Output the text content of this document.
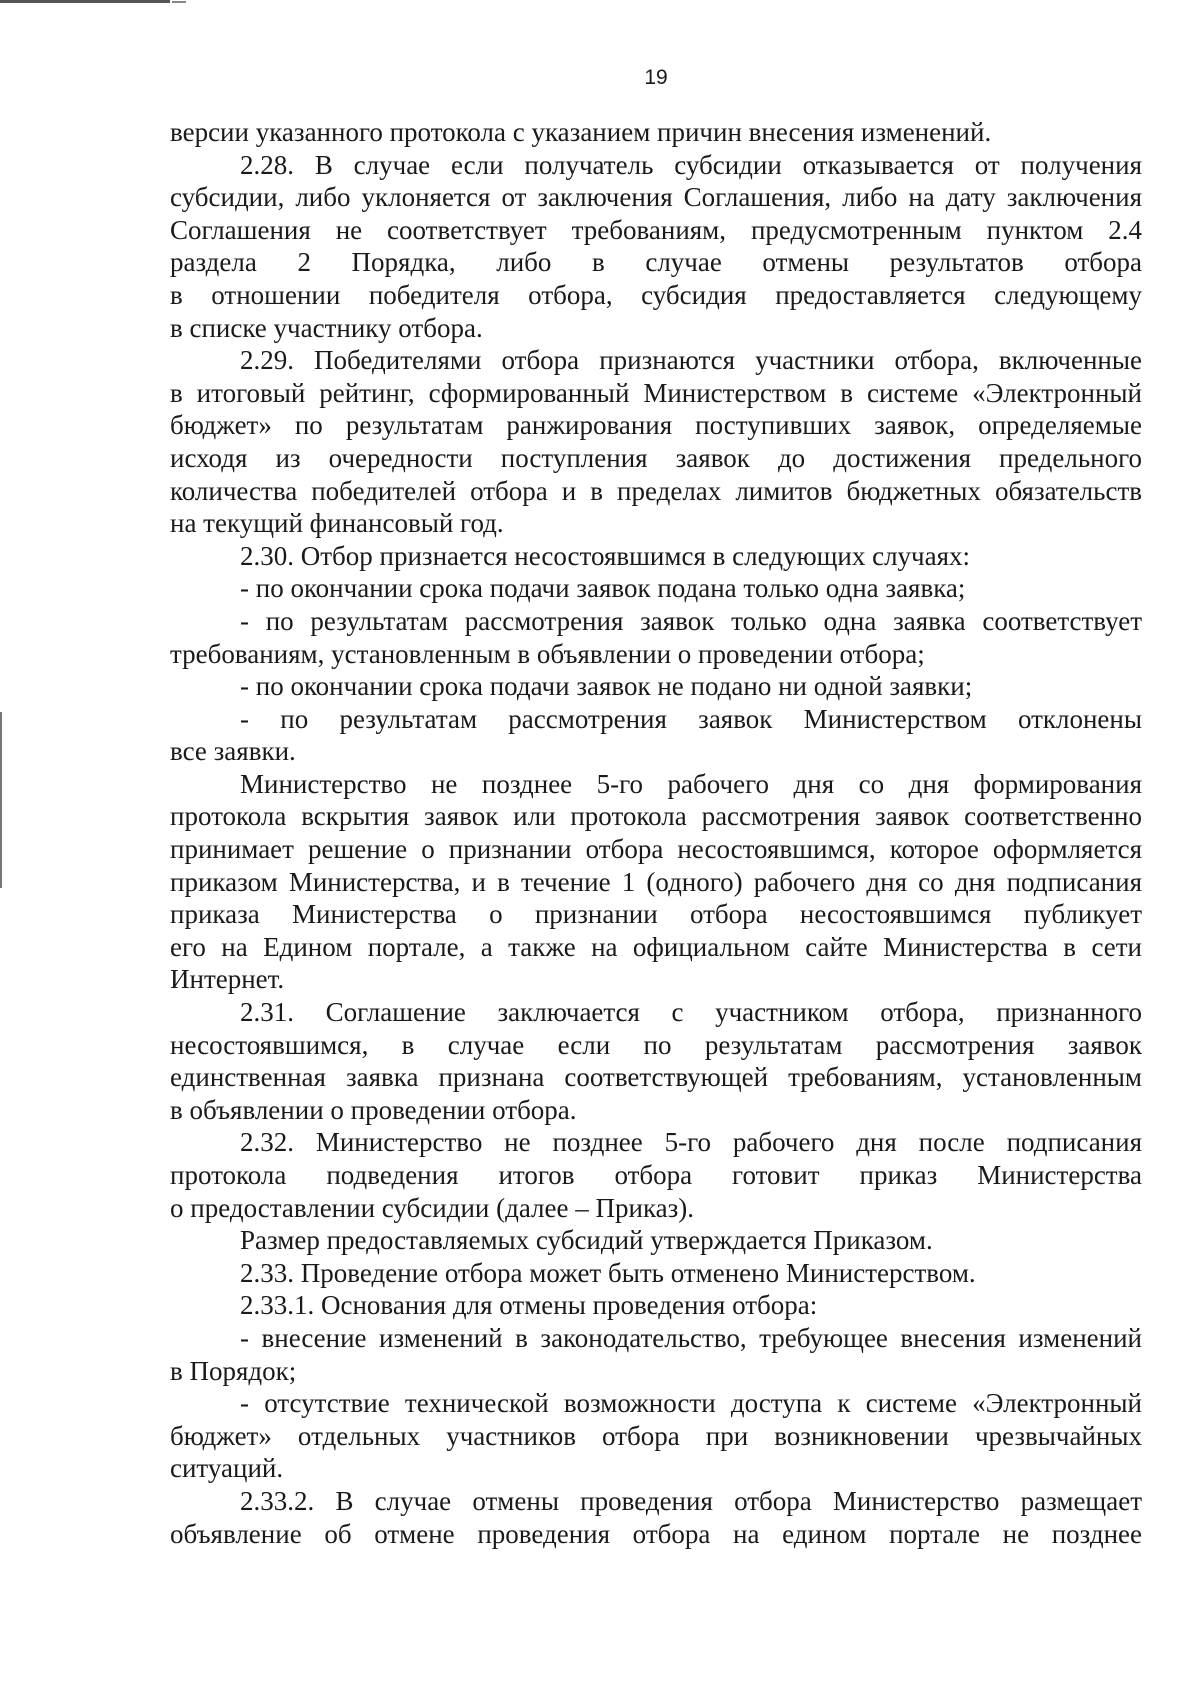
19
версии указанного протокола с указанием причин внесения изменений.
2.28. В случае если получатель субсидии отказывается от получения
субсидии, либо уклоняется от заключения Соглашения, либо на дату заключения
Соглашения не соответствует требованиям, предусмотренным пунктом 2.4
раздела 2 Порядка, либо в случае отмены результатов отбора
в отношении победителя отбора, субсидия предоставляется следующему
в списке участнику отбора.
2.29. Победителями отбора признаются участники отбора, включенные
в итоговый рейтинг, сформированный Министерством в системе «Электронный
бюджет» по результатам ранжирования поступивших заявок, определяемые
исходя из очередности поступления заявок до достижения предельного
количества победителей отбора и в пределах лимитов бюджетных обязательств
на текущий финансовый год.
2.30. Отбор признается несостоявшимся в следующих случаях:
- по окончании срока подачи заявок подана только одна заявка;
- по результатам рассмотрения заявок только одна заявка соответствует
требованиям, установленным в объявлении о проведении отбора;
- по окончании срока подачи заявок не подано ни одной заявки;
- по результатам рассмотрения заявок Министерством отклонены
все заявки.
Министерство не позднее 5-го рабочего дня со дня формирования
протокола вскрытия заявок или протокола рассмотрения заявок соответственно
принимает решение о признании отбора несостоявшимся, которое оформляется
приказом Министерства, и в течение 1 (одного) рабочего дня со дня подписания
приказа Министерства о признании отбора несостоявшимся публикует
его на Едином портале, а также на официальном сайте Министерства в сети
Интернет.
2.31. Соглашение заключается с участником отбора, признанного
несостоявшимся, в случае если по результатам рассмотрения заявок
единственная заявка признана соответствующей требованиям, установленным
в объявлении о проведении отбора.
2.32. Министерство не позднее 5-го рабочего дня после подписания
протокола подведения итогов отбора готовит приказ Министерства
о предоставлении субсидии (далее – Приказ).
Размер предоставляемых субсидий утверждается Приказом.
2.33. Проведение отбора может быть отменено Министерством.
2.33.1. Основания для отмены проведения отбора:
- внесение изменений в законодательство, требующее внесения изменений
в Порядок;
- отсутствие технической возможности доступа к системе «Электронный
бюджет» отдельных участников отбора при возникновении чрезвычайных
ситуаций.
2.33.2. В случае отмены проведения отбора Министерство размещает
объявление об отмене проведения отбора на едином портале не позднее
